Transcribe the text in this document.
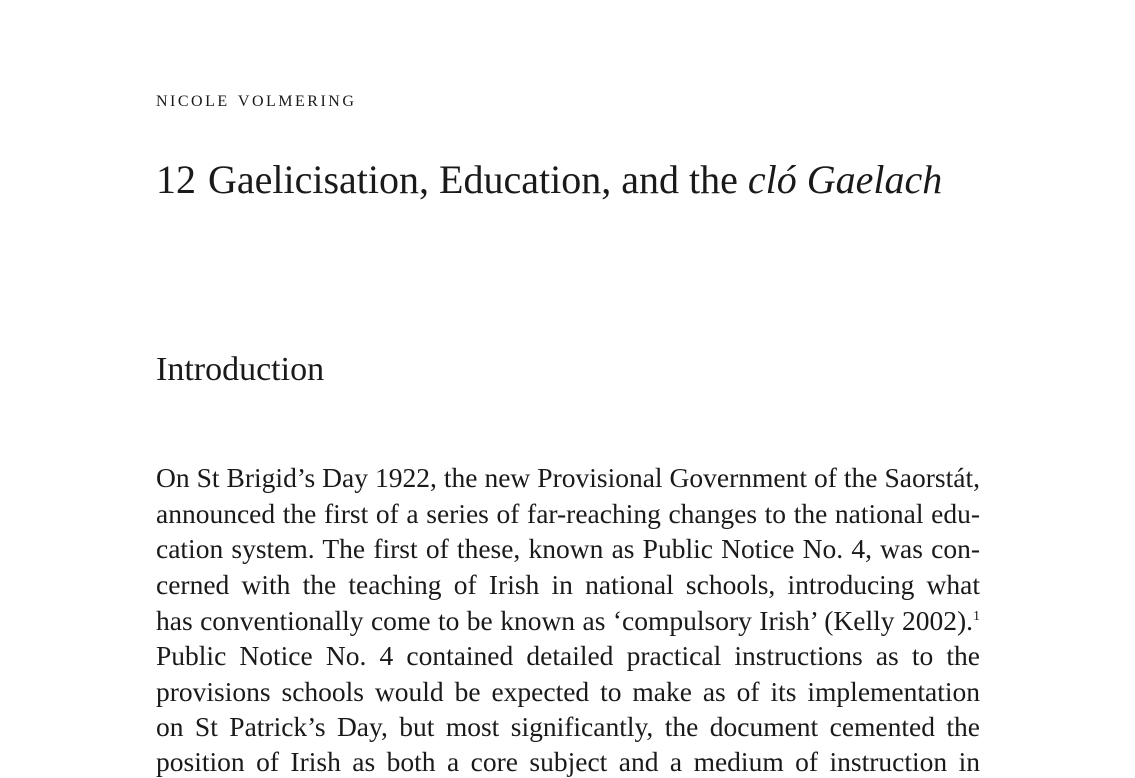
nicole volmering
12 Gaelicisation, Education, and the cló Gaelach
Introduction
On St Brigid’s Day 1922, the new Provisional Government of the Saorstát,
announced the first of a series of far-reaching changes to the national edu-
cation system. The first of these, known as Public Notice No. 4, was con-
cerned with the teaching of Irish in national schools, introducing what
has conventionally come to be known as ‘compulsory Irish’ (Kelly 2002).$^1$
Public Notice No. 4 contained detailed practical instructions as to the
provisions schools would be expected to make as of its implementation
on St Patrick’s Day, but most significantly, the document cemented the
position of Irish as both a core subject and a medium of instruction in
